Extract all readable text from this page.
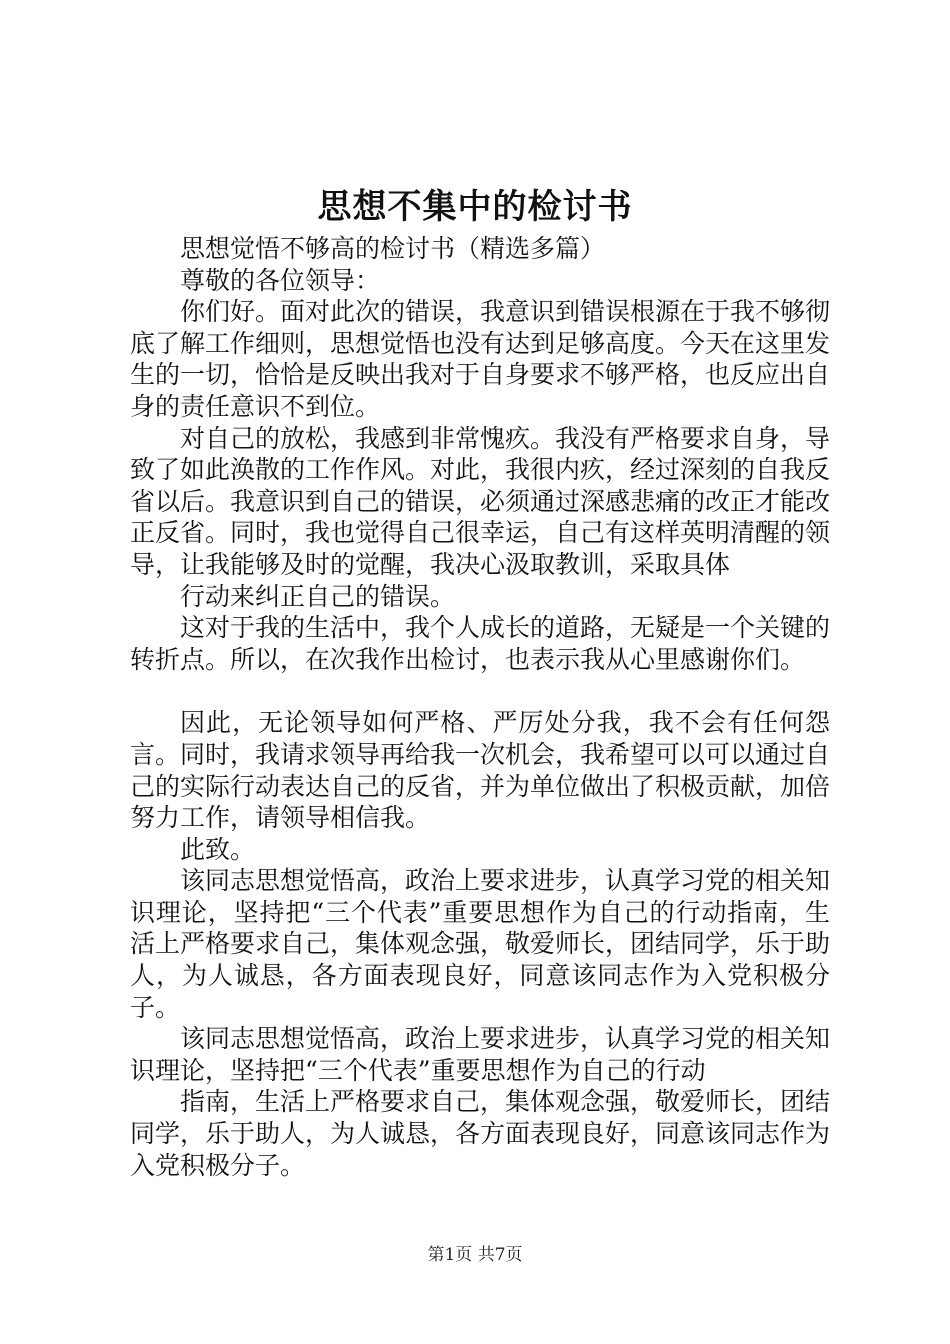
思想不集中的检讨书

思想觉悟不够高的检讨书（精选多篇）

尊敬的各位领导：

你们好。面对此次的错误，我意识到错误根源在于我不够彻底了解工作细则，思想觉悟也没有达到足够高度。今天在这里发生的一切，恰恰是反映出我对于自身要求不够严格，也反应出自身的责任意识不到位。

对自己的放松，我感到非常愧疚。我没有严格要求自身，导致了如此涣散的工作作风。对此，我很内疚，经过深刻的自我反省以后。我意识到自己的错误，必须通过深感悲痛的改正才能改正反省。同时，我也觉得自己很幸运，自己有这样英明清醒的领导，让我能够及时的觉醒，我决心汲取教训，采取具体

行动来纠正自己的错误。

这对于我的生活中，我个人成长的道路，无疑是一个关键的转折点。所以，在次我作出检讨，也表示我从心里感谢你们。

因此，无论领导如何严格、严厉处分我，我不会有任何怨言。同时，我请求领导再给我一次机会，我希望可以可以通过自己的实际行动表达自己的反省，并为单位做出了积极贡献，加倍努力工作，请领导相信我。

此致。

该同志思想觉悟高，政治上要求进步，认真学习党的相关知识理论，坚持把“三个代表”重要思想作为自己的行动指南，生活上严格要求自己，集体观念强，敬爱师长，团结同学，乐于助人，为人诚恳，各方面表现良好，同意该同志作为入党积极分子。

该同志思想觉悟高，政治上要求进步，认真学习党的相关知识理论，坚持把“三个代表”重要思想作为自己的行动

指南，生活上严格要求自己，集体观念强，敬爱师长，团结同学，乐于助人，为人诚恳，各方面表现良好，同意该同志作为入党积极分子。

第1页 共7页
